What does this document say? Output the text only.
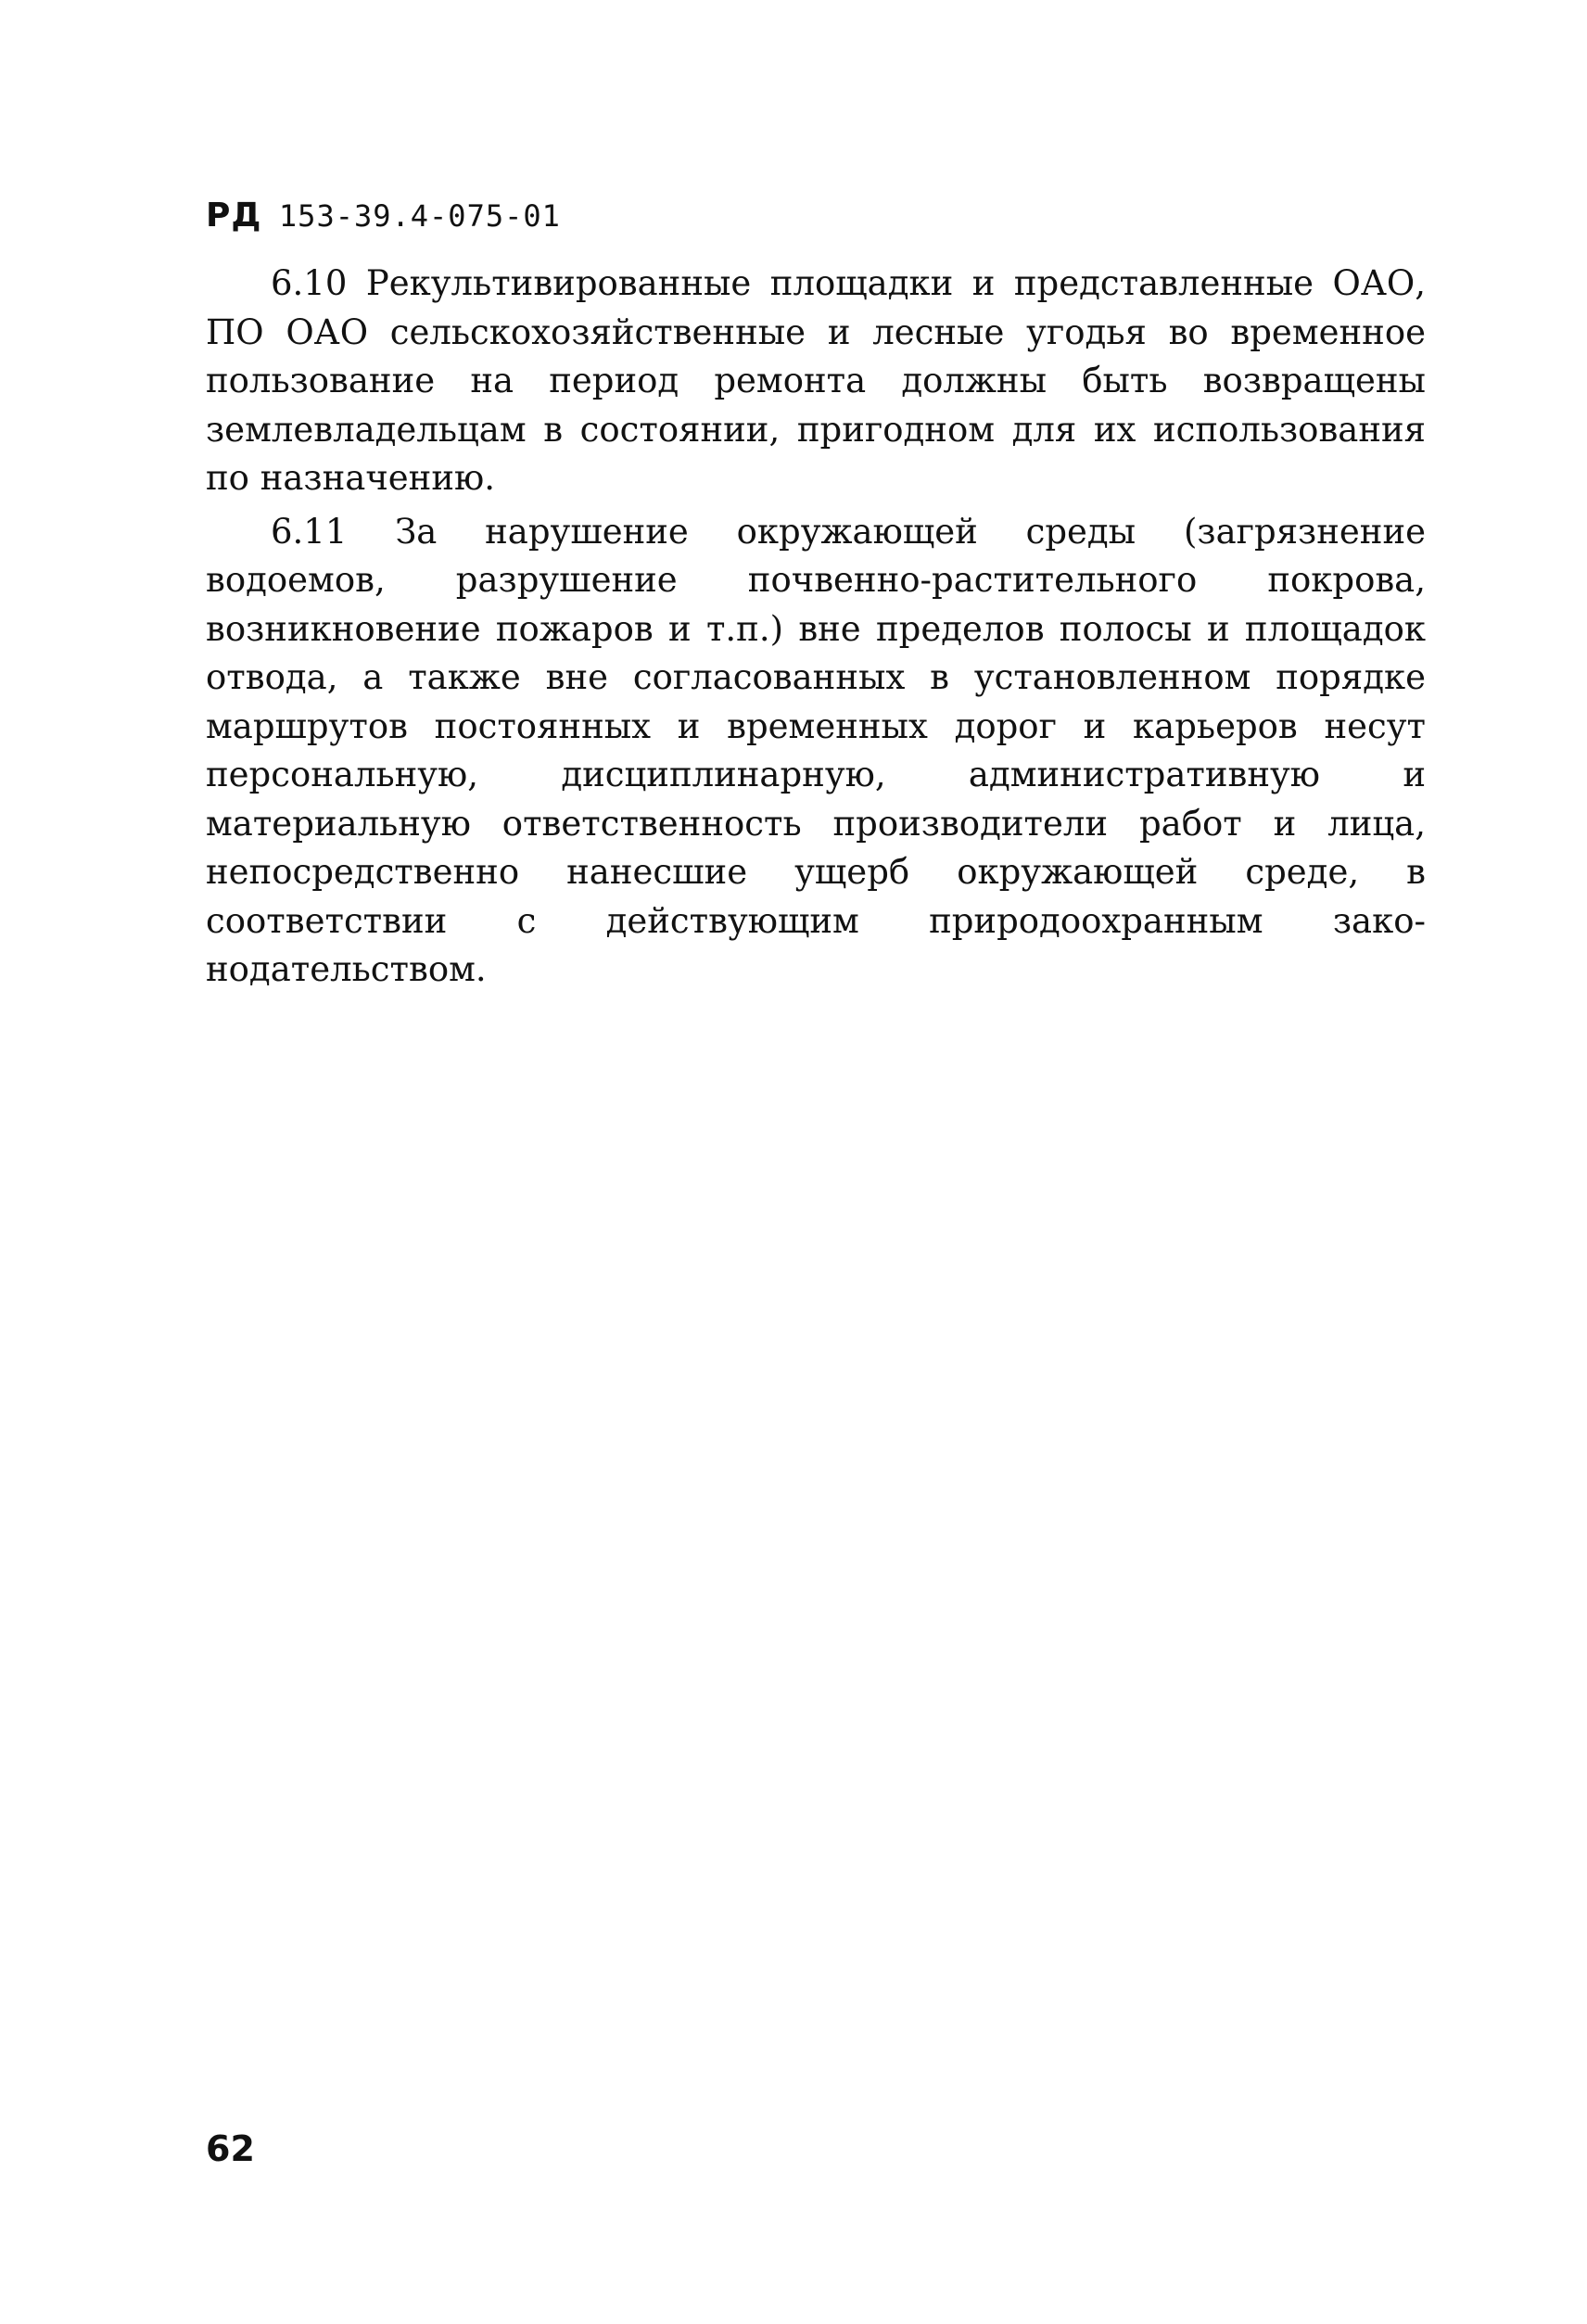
РД 153-39.4-075-01

6.10 Рекультивированные площадки и представленные ОАО, ПО ОАО сельскохозяйственные и лесные угодья во временное пользование на период ремонта должны быть возвращены землевладельцам в состоянии, пригодном для их использования по назначению.

6.11 За нарушение окружающей среды (загрязнение водоемов, разрушение почвенно-растительного покрова, возникновение пожаров и т.п.) вне пределов полосы и площадок отвода, а также вне согласованных в установленном порядке маршрутов постоянных и временных дорог и карьеров несут персональную, дисциплинарную, административную и материальную ответственность производители работ и лица, непосредственно нанесшие ущерб окружающей среде, в соответствии с действующим природоохранным законодательством.

62
